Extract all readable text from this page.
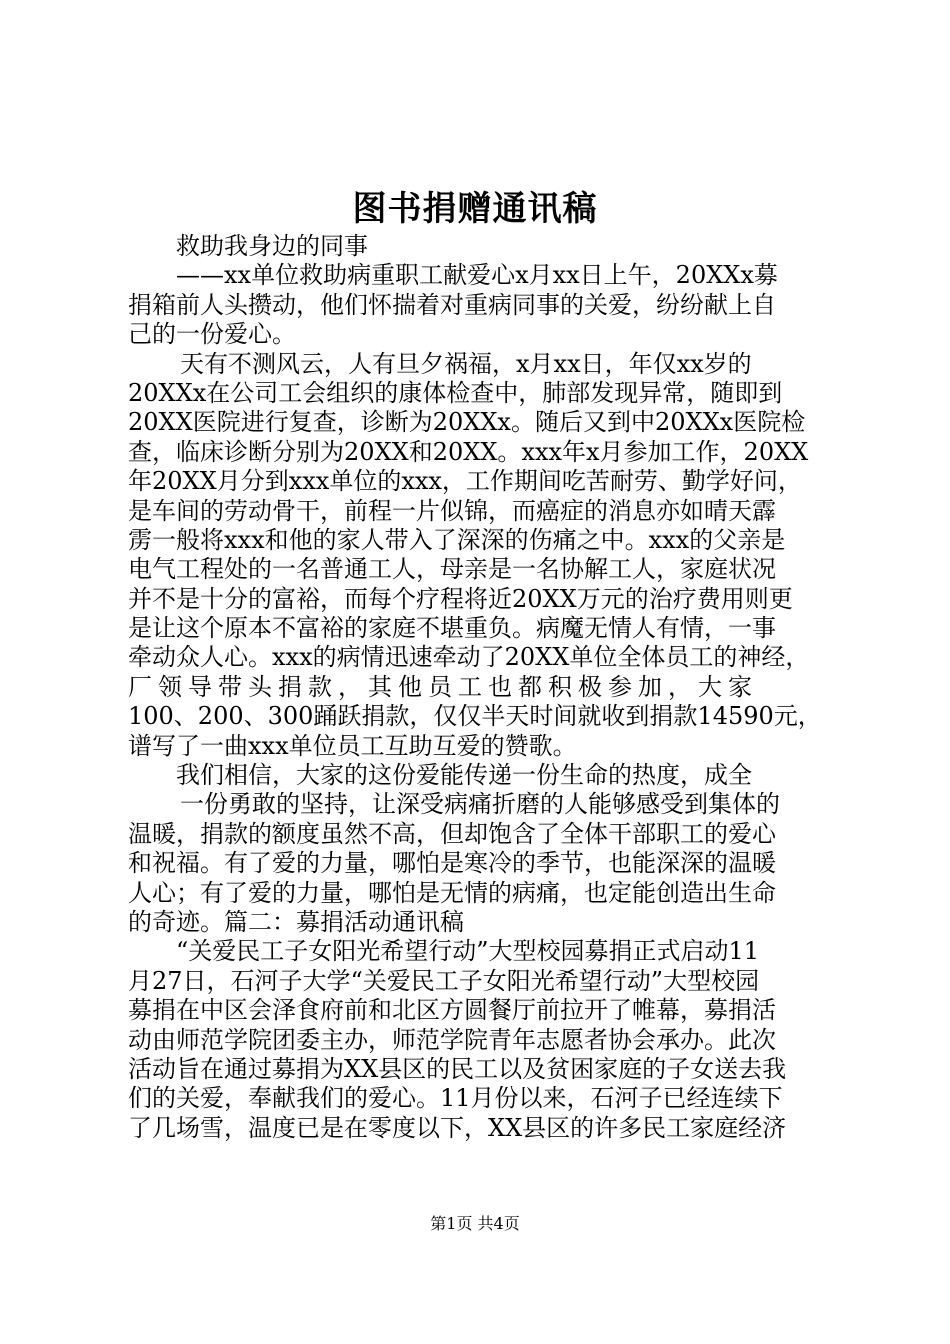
图书捐赠通讯稿
救助我身边的同事
——xx单位救助病重职工献爱心x月xx日上午，20XXx募
捐箱前人头攒动，他们怀揣着对重病同事的关爱，纷纷献上自
己的一份爱心。
天有不测风云，人有旦夕祸福，x月xx日，年仅xx岁的
20XXx在公司工会组织的康体检查中，肺部发现异常，随即到
20XX医院进行复查，诊断为20XXx。随后又到中20XXx医院检
查，临床诊断分别为20XX和20XX。xxx年x月参加工作，20XX
年20XX月分到xxx单位的xxx，工作期间吃苦耐劳、勤学好问，
是车间的劳动骨干，前程一片似锦，而癌症的消息亦如晴天霹
雳一般将xxx和他的家人带入了深深的伤痛之中。xxx的父亲是
电气工程处的一名普通工人，母亲是一名协解工人，家庭状况
并不是十分的富裕，而每个疗程将近20XX万元的治疗费用则更
是让这个原本不富裕的家庭不堪重负。病魔无情人有情，一事
牵动众人心。xxx的病情迅速牵动了20XX单位全体员工的神经，
厂领导带头捐款，其他员工也都积极参加，大家
100、200、300踊跃捐款，仅仅半天时间就收到捐款14590元，
谱写了一曲xxx单位员工互助互爱的赞歌。
我们相信，大家的这份爱能传递一份生命的热度，成全
一份勇敢的坚持，让深受病痛折磨的人能够感受到集体的
温暖，捐款的额度虽然不高，但却饱含了全体干部职工的爱心
和祝福。有了爱的力量，哪怕是寒冷的季节，也能深深的温暖
人心；有了爱的力量，哪怕是无情的病痛，也定能创造出生命
的奇迹。篇二：募捐活动通讯稿
“关爱民工子女阳光希望行动”大型校园募捐正式启动11
月27日，石河子大学“关爱民工子女阳光希望行动”大型校园
募捐在中区会泽食府前和北区方圆餐厅前拉开了帷幕，募捐活
动由师范学院团委主办，师范学院青年志愿者协会承办。此次
活动旨在通过募捐为XX县区的民工以及贫困家庭的子女送去我
们的关爱，奉献我们的爱心。11月份以来，石河子已经连续下
了几场雪，温度已是在零度以下，XX县区的许多民工家庭经济
第1页 共4页
